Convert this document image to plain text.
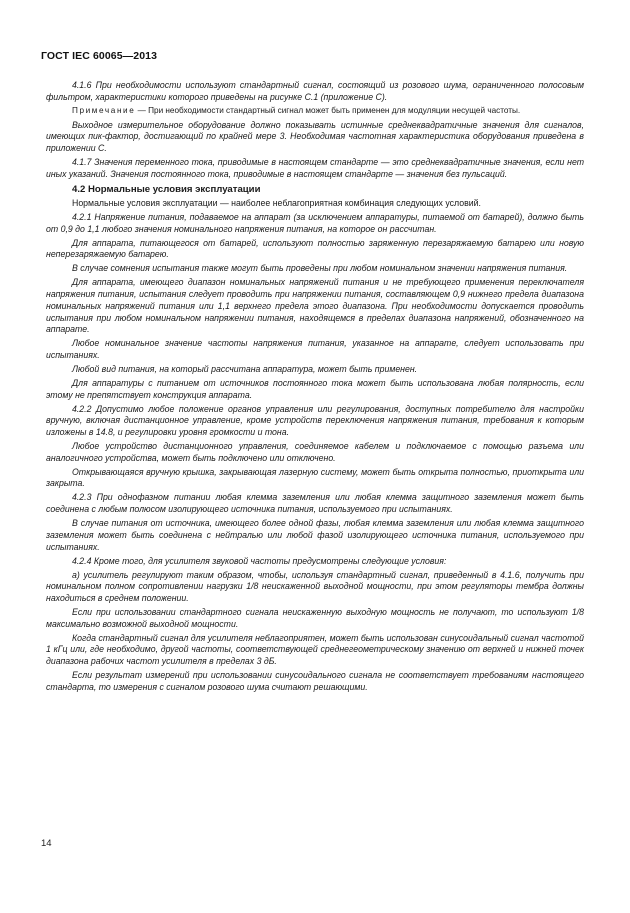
ГОСТ IEC 60065—2013

4.1.6 При необходимости используют стандартный сигнал, состоящий из розового шума, ограниченного полосовым фильтром, характеристики которого приведены на рисунке С.1 (приложение С).

Примечание — При необходимости стандартный сигнал может быть применен для модуляции несущей частоты.

Выходное измерительное оборудование должно показывать истинные среднеквадратичные значения для сигналов, имеющих пик-фактор, достигающий по крайней мере 3. Необходимая частотная характеристика оборудования приведена в приложении С.

4.1.7 Значения переменного тока, приводимые в настоящем стандарте — это среднеквадратичные значения, если нет иных указаний. Значения постоянного тока, приводимые в настоящем стандарте — значения без пульсаций.

4.2 Нормальные условия эксплуатации

Нормальные условия эксплуатации — наиболее неблагоприятная комбинация следующих условий.

4.2.1 Напряжение питания, подаваемое на аппарат (за исключением аппаратуры, питаемой от батарей), должно быть от 0,9 до 1,1 любого значения номинального напряжения питания, на которое он рассчитан.

Для аппарата, питающегося от батарей, используют полностью заряженную перезаряжаемую батарею или новую неперезаряжаемую батарею.

В случае сомнения испытания также могут быть проведены при любом номинальном значении напряжения питания.

Для аппарата, имеющего диапазон номинальных напряжений питания и не требующего применения переключателя напряжения питания, испытания следует проводить при напряжении питания, составляющем 0,9 нижнего предела диапазона номинальных напряжений питания или 1,1 верхнего предела этого диапазона. При необходимости допускается проводить испытания при любом номинальном напряжении питания, находящемся в пределах диапазона напряжений, обозначенного на аппарате.

Любое номинальное значение частоты напряжения питания, указанное на аппарате, следует использовать при испытаниях.

Любой вид питания, на который рассчитана аппаратура, может быть применен.

Для аппаратуры с питанием от источников постоянного тока может быть использована любая полярность, если этому не препятствует конструкция аппарата.

4.2.2 Допустимо любое положение органов управления или регулирования, доступных потребителю для настройки вручную, включая дистанционное управление, кроме устройств переключения напряжения питания, требования к которым изложены в 14.8, и регулировки уровня громкости и тона.

Любое устройство дистанционного управления, соединяемое кабелем и подключаемое с помощью разъема или аналогичного устройства, может быть подключено или отключено.

Открывающаяся вручную крышка, закрывающая лазерную систему, может быть открыта полностью, приоткрыта или закрыта.

4.2.3 При однофазном питании любая клемма заземления или любая клемма защитного заземления может быть соединена с любым полюсом изолирующего источника питания, используемого при испытаниях.

В случае питания от источника, имеющего более одной фазы, любая клемма заземления или любая клемма защитного заземления может быть соединена с нейтралью или любой фазой изолирующего источника питания, используемого при испытаниях.

4.2.4 Кроме того, для усилителя звуковой частоты предусмотрены следующие условия:

а) усилитель регулируют таким образом, чтобы, используя стандартный сигнал, приведенный в 4.1.6, получить при номинальном полном сопротивлении нагрузки 1/8 неискаженной выходной мощности, при этом регуляторы тембра должны находиться в среднем положении.

Если при использовании стандартного сигнала неискаженную выходную мощность не получают, то используют 1/8 максимально возможной выходной мощности.

Когда стандартный сигнал для усилителя неблагоприятен, может быть использован синусоидальный сигнал частотой 1 кГц или, где необходимо, другой частоты, соответствующей среднегеометрическому значению от верхней и нижней точек диапазона рабочих частот усилителя в пределах 3 дБ.

Если результат измерений при использовании синусоидального сигнала не соответствует требованиям настоящего стандарта, то измерения с сигналом розового шума считают решающими.

14
